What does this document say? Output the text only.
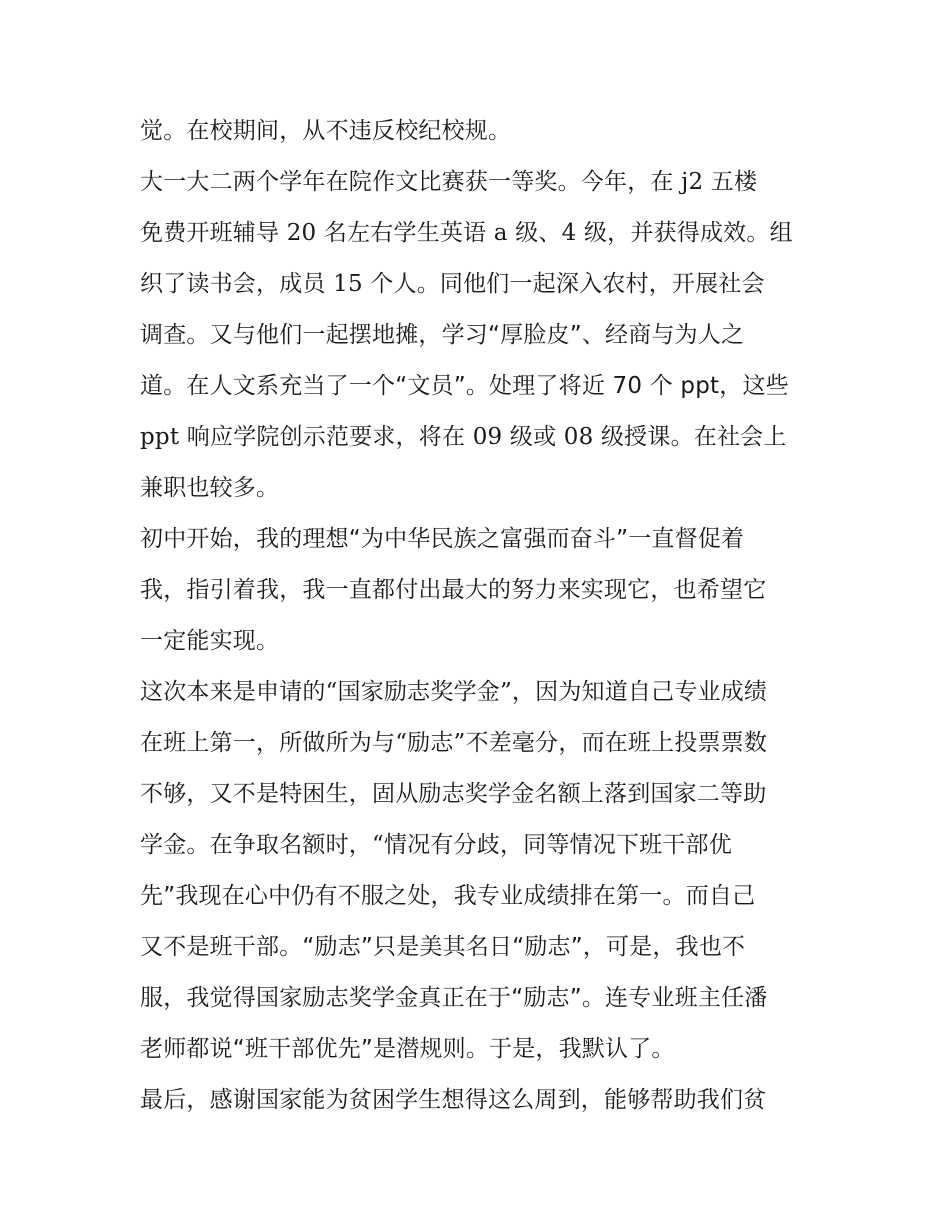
觉。在校期间，从不违反校纪校规。
大一大二两个学年在院作文比赛获一等奖。今年，在 j2 五楼
免费开班辅导 20 名左右学生英语 a 级、4 级，并获得成效。组
织了读书会，成员 15 个人。同他们一起深入农村，开展社会
调查。又与他们一起摆地摊，学习“厚脸皮”、经商与为人之
道。在人文系充当了一个“文员”。处理了将近 70 个 ppt，这些
ppt 响应学院创示范要求，将在 09 级或 08 级授课。在社会上
兼职也较多。
初中开始，我的理想“为中华民族之富强而奋斗”一直督促着
我，指引着我，我一直都付出最大的努力来实现它，也希望它
一定能实现。
这次本来是申请的“国家励志奖学金”，因为知道自己专业成绩
在班上第一，所做所为与“励志”不差毫分，而在班上投票票数
不够，又不是特困生，固从励志奖学金名额上落到国家二等助
学金。在争取名额时，“情况有分歧，同等情况下班干部优
先”我现在心中仍有不服之处，我专业成绩排在第一。而自己
又不是班干部。“励志”只是美其名日“励志”，可是，我也不
服，我觉得国家励志奖学金真正在于“励志”。连专业班主任潘
老师都说“班干部优先”是潜规则。于是，我默认了。
最后，感谢国家能为贫困学生想得这么周到，能够帮助我们贫
